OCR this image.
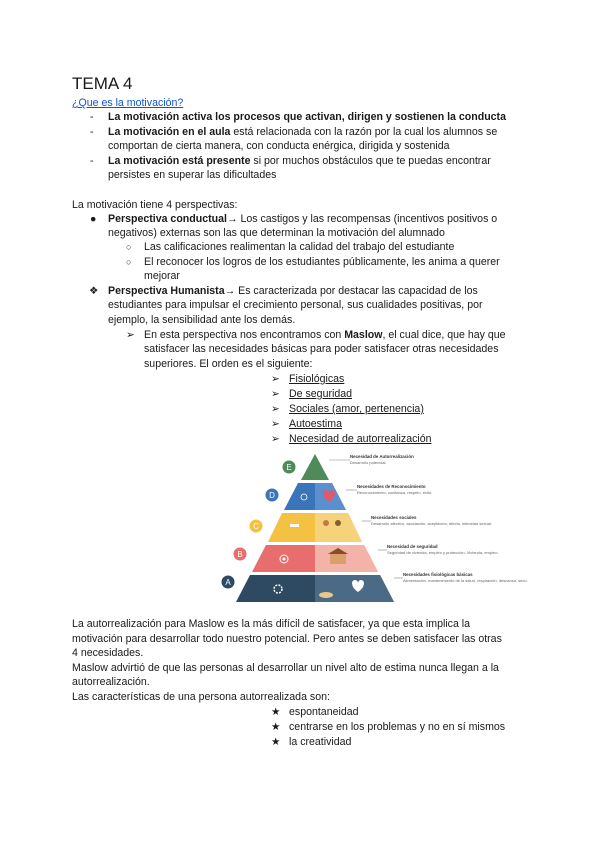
TEMA 4
¿Que es la motivación?
- La motivación activa los procesos que activan, dirigen y sostienen la conducta
- La motivación en el aula está relacionada con la razón por la cual los alumnos se
comportan de cierta manera, con conducta enérgica, dirigida y sostenida
- La motivación está presente si por muchos obstáculos que te puedas encontrar
persistes en superar las dificultades
La motivación tiene 4 perspectivas:
● Perspectiva conductual→ Los castigos y las recompensas (incentivos positivos o
negativos) externas son las que determinan la motivación del alumnado
○ Las calificaciones realimentan la calidad del trabajo del estudiante
○ El reconocer los logros de los estudiantes públicamente, les anima a querer
mejorar
❖ Perspectiva Humanista→ Es caracterizada por destacar las capacidad de los
estudiantes para impulsar el crecimiento personal, sus cualidades positivas, por
ejemplo, la sensibilidad ante los demás.
➢ En esta perspectiva nos encontramos con Maslow, el cual dice, que hay que
satisfacer las necesidades básicas para poder satisfacer otras necesidades
superiores. El orden es el siguiente:
➢ Fisiológicas
➢ De seguridad
➢ Sociales (amor, pertenencia)
➢ Autoestima
➢ Necesidad de autorrealización
E
Necesidad de Autorrealización
Desarrollo potencial.
D
Necesidades de Reconocimiento
Reconocimiento, confianza, respeto, éxito.
C
Necesidades sociales
Desarrollo afectivo, asociación, aceptación, afecto, intimidad sexual.
B
Necesidad de seguridad
Seguridad de vivienda, empleo y protección. Vivienda, empleo.
A
Necesidades fisiológicas básicas
Alimentación, mantenimiento de la salud, respiración, descanso, sexo.
La autorrealización para Maslow es la más difícil de satisfacer, ya que esta implica la
motivación para desarrollar todo nuestro potencial. Pero antes se deben satisfacer las otras
4 necesidades.
Maslow advirtió de que las personas al desarrollar un nivel alto de estima nunca llegan a la
autorrealización.
Las características de una persona autorrealizada son:
★ espontaneidad
★ centrarse en los problemas y no en sí mismos
★ la creatividad
